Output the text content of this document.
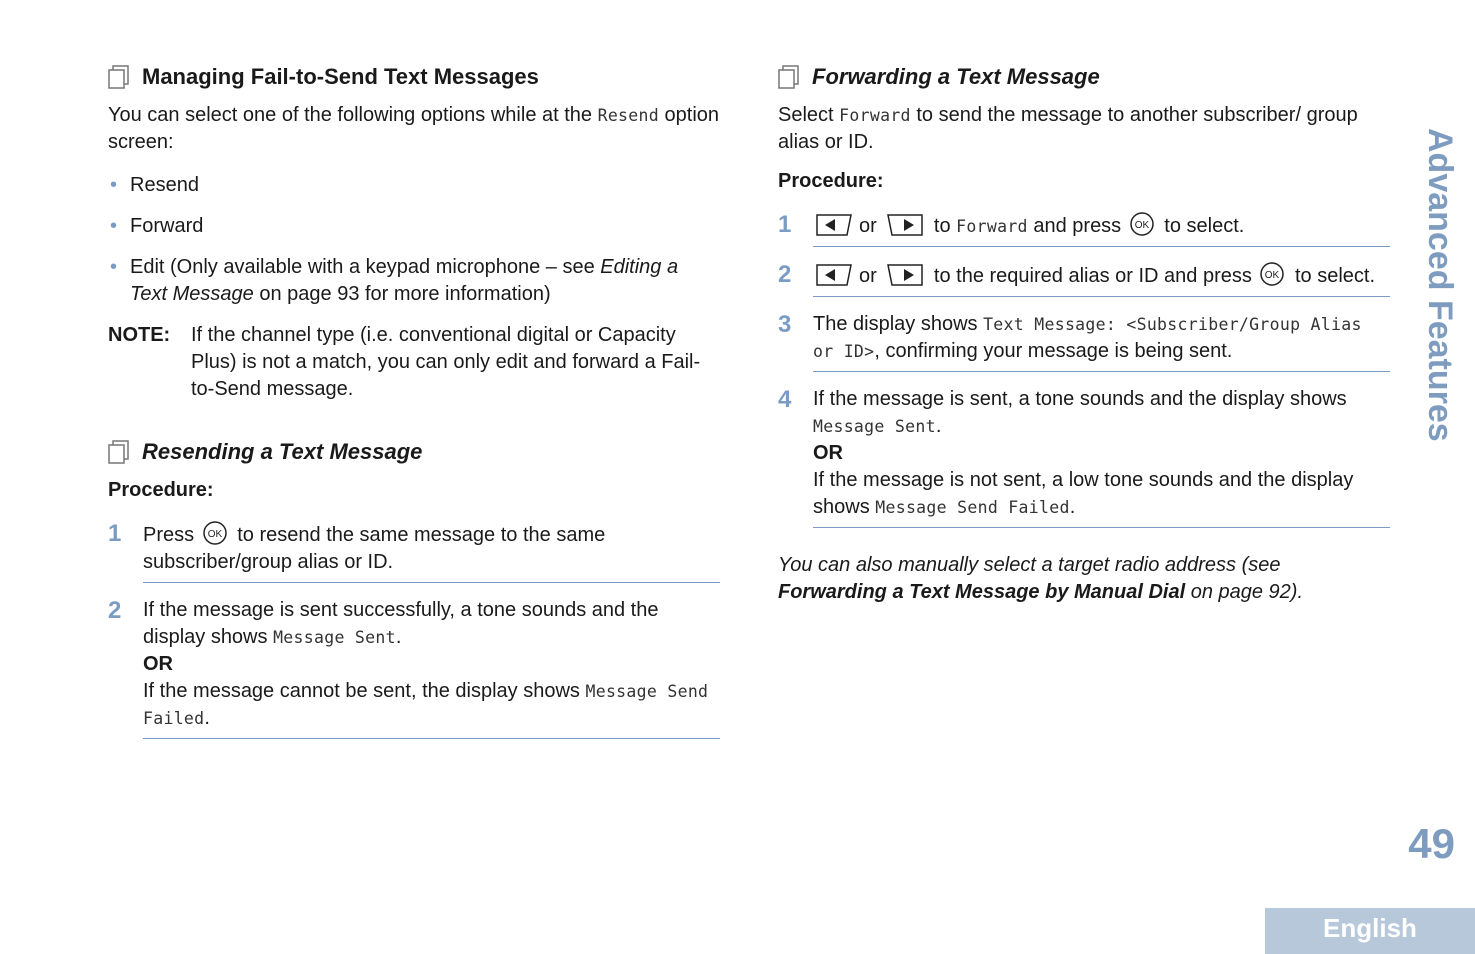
Managing Fail-to-Send Text Messages

You can select one of the following options while at the Resend option screen:

• Resend
• Forward
• Edit (Only available with a keypad microphone – see Editing a Text Message on page 93 for more information)
NOTE:	If the channel type (i.e. conventional digital or Capacity Plus) is not a match, you can only edit and forward a Fail-to-Send message.
Resending a Text Message
Procedure:
1	Press OK to resend the same message to the same subscriber/group alias or ID.
2	If the message is sent successfully, a tone sounds and the display shows Message Sent.
OR
If the message cannot be sent, the display shows Message Send Failed.
Forwarding a Text Message

Select Forward to send the message to another subscriber/ group alias or ID.

Procedure:
1	or	to Forward and press OK to select.
2	or	to the required alias or ID and press OK to select.
3	The display shows Text Message: <Subscriber/Group Alias or ID>, confirming your message is being sent.
4	If the message is sent, a tone sounds and the display shows Message Sent.
OR
If the message is not sent, a low tone sounds and the display shows Message Send Failed.

You can also manually select a target radio address (see Forwarding a Text Message by Manual Dial on page 92).

Advanced Features
49
English
